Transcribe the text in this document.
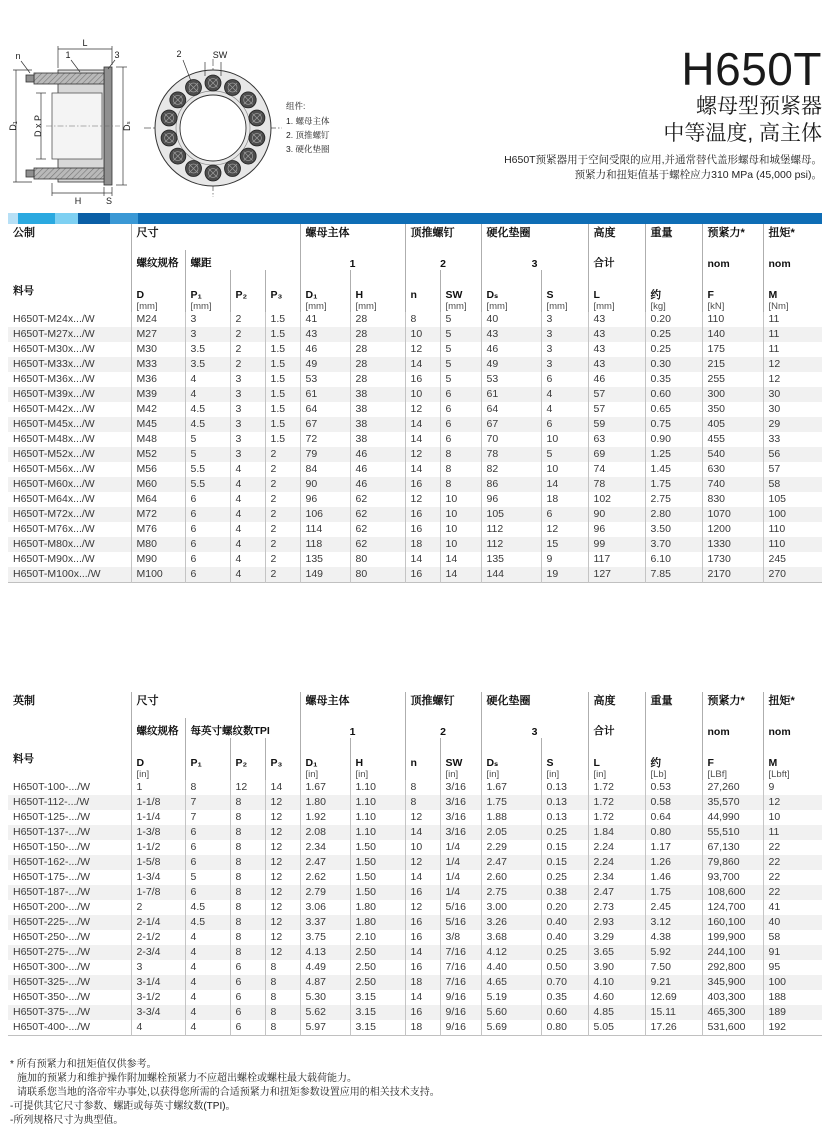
L
n	1	3
D₁ D x P	Dₛ
H	S
SW
2
组件:
1. 螺母主体
2. 顶推螺钉
3. 硬化垫圈
H650T
螺母型预紧器
中等温度, 高主体
H650T预紧器用于空间受限的应用,并通常替代盖形螺母和城堡螺母。
预紧力和扭矩值基于螺栓应力310 MPa (45,000 psi)。
公制	尺寸				螺母主体		顶推螺钉		硬化垫圈		高度	重量	预紧力*	扭矩*
	螺纹规格	螺距			1		2		3		合计		nom	nom
料号	D
[mm]

P₁
[mm]

P₂	P₃	D₁
[mm]

H
[mm]

n	SW
[mm]

Dₛ
[mm]

S
[mm]

L
[mm]

约
[kg]

F
[kN]

M
[Nm]

H650T-M24x.../W	M24	3	2	1.5	41	28	8	5	40	3	43	0.20	110	11
H650T-M27x.../W	M27	3	2	1.5	43	28	10	5	43	3	43	0.25	140	11
H650T-M30x.../W	M30	3.5	2	1.5	46	28	12	5	46	3	43	0.25	175	11
H650T-M33x.../W	M33	3.5	2	1.5	49	28	14	5	49	3	43	0.30	215	12
H650T-M36x.../W	M36	4	3	1.5	53	28	16	5	53	6	46	0.35	255	12
H650T-M39x.../W	M39	4	3	1.5	61	38	10	6	61	4	57	0.60	300	30
H650T-M42x.../W	M42	4.5	3	1.5	64	38	12	6	64	4	57	0.65	350	30
H650T-M45x.../W	M45	4.5	3	1.5	67	38	14	6	67	6	59	0.75	405	29
H650T-M48x.../W	M48	5	3	1.5	72	38	14	6	70	10	63	0.90	455	33
H650T-M52x.../W	M52	5	3	2	79	46	12	8	78	5	69	1.25	540	56
H650T-M56x.../W	M56	5.5	4	2	84	46	14	8	82	10	74	1.45	630	57
H650T-M60x.../W	M60	5.5	4	2	90	46	16	8	86	14	78	1.75	740	58
H650T-M64x.../W	M64	6	4	2	96	62	12	10	96	18	102	2.75	830	105
H650T-M72x.../W	M72	6	4	2	106	62	16	10	105	6	90	2.80	1070	100
H650T-M76x.../W	M76	6	4	2	114	62	16	10	112	12	96	3.50	1200	110
H650T-M80x.../W	M80	6	4	2	118	62	18	10	112	15	99	3.70	1330	110
H650T-M90x.../W	M90	6	4	2	135	80	14	14	135	9	117	6.10	1730	245
H650T-M100x.../W	M100	6	4	2	149	80	16	14	144	19	127	7.85	2170	270
英制	尺寸				螺母主体		顶推螺钉		硬化垫圈		高度	重量	预紧力*	扭矩*
	螺纹规格	每英寸螺纹数TPI			1		2		3		合计		nom	nom
料号	D
[in]

P₁	P₂	P₃	D₁
[in]

H
[in]

n	SW
[in]

Dₛ
[in]

S
[in]

L
[in]

约
[Lb]

F
[LBf]

M
[Lbft]

H650T-100-.../W	1	8	12	14	1.67	1.10	8	3/16	1.67	0.13	1.72	0.53	27,260	9
H650T-112-.../W	1-1/8	7	8	12	1.80	1.10	8	3/16	1.75	0.13	1.72	0.58	35,570	12
H650T-125-.../W	1-1/4	7	8	12	1.92	1.10	12	3/16	1.88	0.13	1.72	0.64	44,990	10
H650T-137-.../W	1-3/8	6	8	12	2.08	1.10	14	3/16	2.05	0.25	1.84	0.80	55,510	11
H650T-150-.../W	1-1/2	6	8	12	2.34	1.50	10	1/4	2.29	0.15	2.24	1.17	67,130	22
H650T-162-.../W	1-5/8	6	8	12	2.47	1.50	12	1/4	2.47	0.15	2.24	1.26	79,860	22
H650T-175-.../W	1-3/4	5	8	12	2.62	1.50	14	1/4	2.60	0.25	2.34	1.46	93,700	22
H650T-187-.../W	1-7/8	6	8	12	2.79	1.50	16	1/4	2.75	0.38	2.47	1.75	108,600	22
H650T-200-.../W	2	4.5	8	12	3.06	1.80	12	5/16	3.00	0.20	2.73	2.45	124,700	41
H650T-225-.../W	2-1/4	4.5	8	12	3.37	1.80	16	5/16	3.26	0.40	2.93	3.12	160,100	40
H650T-250-.../W	2-1/2	4	8	12	3.75	2.10	16	3/8	3.68	0.40	3.29	4.38	199,900	58
H650T-275-.../W	2-3/4	4	8	12	4.13	2.50	14	7/16	4.12	0.25	3.65	5.92	244,100	91
H650T-300-.../W	3	4	6	8	4.49	2.50	16	7/16	4.40	0.50	3.90	7.50	292,800	95
H650T-325-.../W	3-1/4	4	6	8	4.87	2.50	18	7/16	4.65	0.70	4.10	9.21	345,900	100
H650T-350-.../W	3-1/2	4	6	8	5.30	3.15	14	9/16	5.19	0.35	4.60	12.69	403,300	188
H650T-375-.../W	3-3/4	4	6	8	5.62	3.15	16	9/16	5.60	0.60	4.85	15.11	465,300	189
H650T-400-.../W	4	4	6	8	5.97	3.15	18	9/16	5.69	0.80	5.05	17.26	531,600	192
* 所有预紧力和扭矩值仅供参考。
施加的预紧力和维护操作附加螺栓预紧力不应超出螺栓或螺柱最大载荷能力。
请联系您当地的洛帝牢办事处,以获得您所需的合适预紧力和扭矩参数设置应用的相关技术支持。
-可提供其它尺寸参数、螺距或每英寸螺纹数(TPI)。
-所列规格尺寸为典型值。
